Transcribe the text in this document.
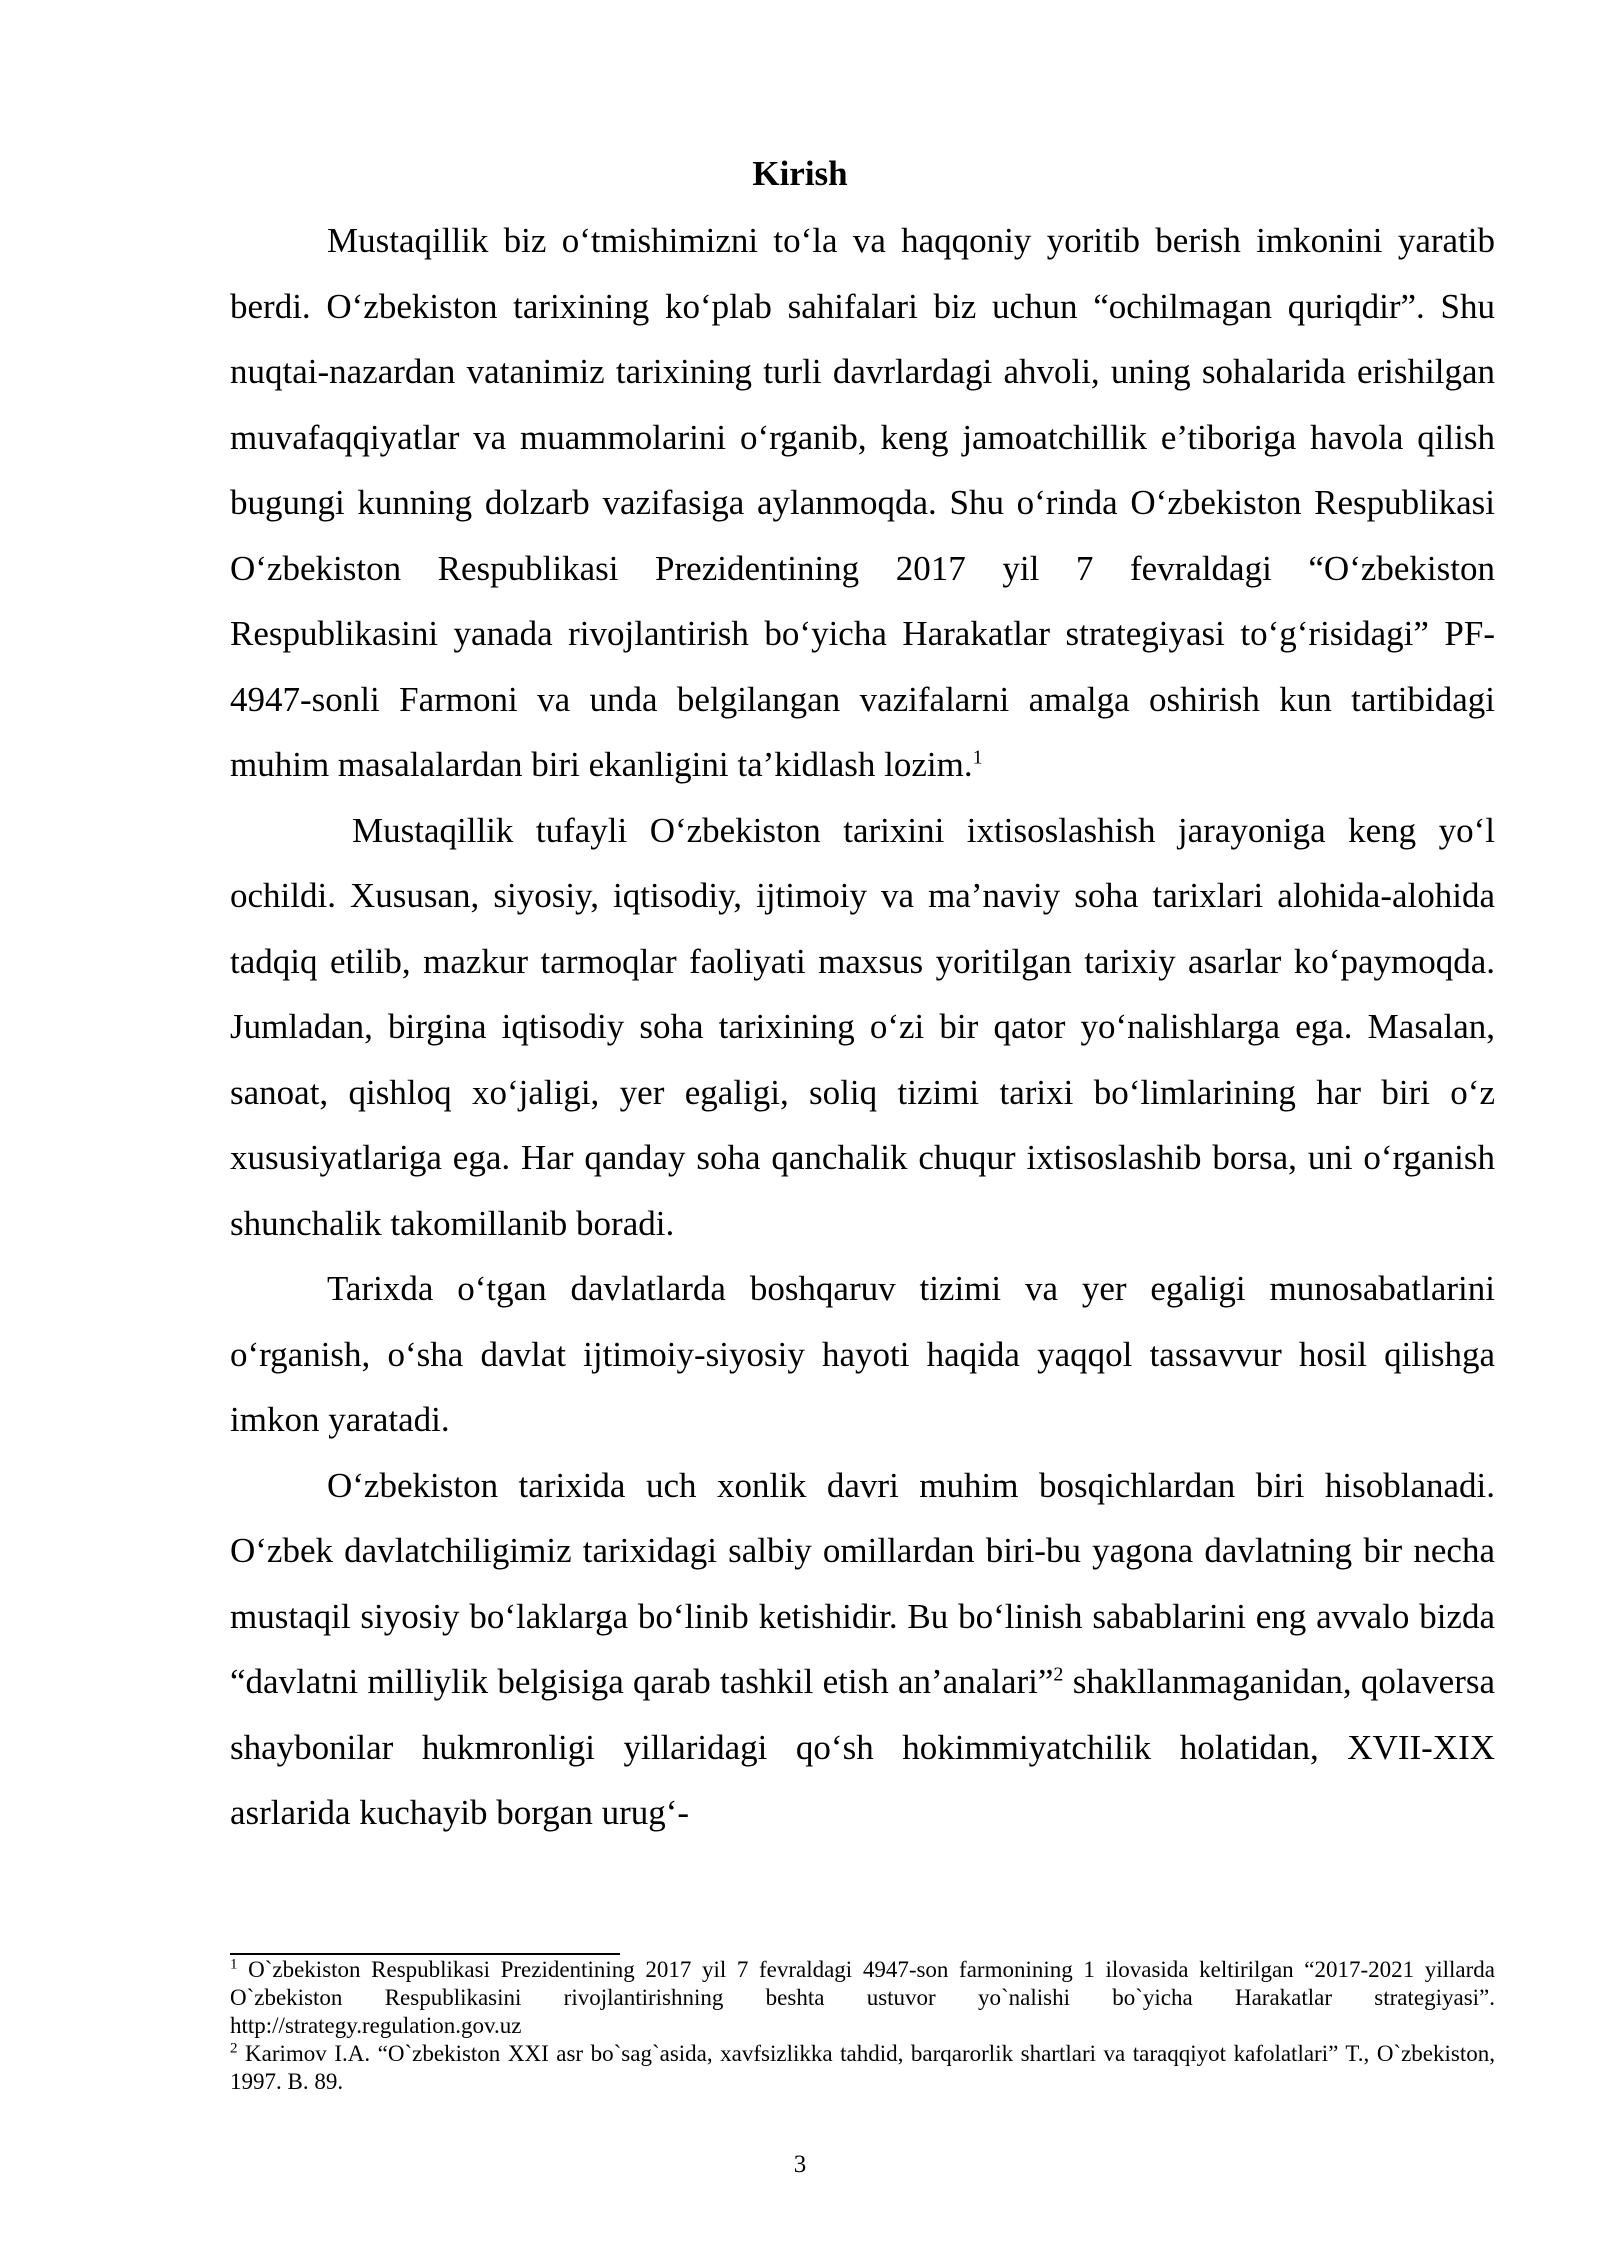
Kirish

Mustaqillik biz o‘tmishimizni to‘la va haqqoniy yoritib berish imkonini yaratib berdi. O‘zbekiston tarixining ko‘plab sahifalari biz uchun “ochilmagan quriqdir”. Shu nuqtai-nazardan vatanimiz tarixining turli davrlardagi ahvoli, uning sohalarida erishilgan muvafaqqiyatlar va muammolarini o‘rganib, keng jamoatchillik e’tiboriga havola qilish bugungi kunning dolzarb vazifasiga aylanmoqda. Shu o‘rinda O‘zbekiston Respublikasi O‘zbekiston Respublikasi Prezidentining 2017 yil 7 fevraldagi “O‘zbekiston Respublikasini yanada rivojlantirish bo‘yicha Harakatlar strategiyasi to‘g‘risidagi” PF-4947-sonli Farmoni va unda belgilangan vazifalarni amalga oshirish kun tartibidagi muhim masalalardan biri ekanligini ta’kidlash lozim.$^1$

Mustaqillik tufayli O‘zbekiston tarixini ixtisoslashish jarayoniga keng yo‘l ochildi. Xususan, siyosiy, iqtisodiy, ijtimoiy va ma’naviy soha tarixlari alohida-alohida tadqiq etilib, mazkur tarmoqlar faoliyati maxsus yoritilgan tarixiy asarlar ko‘paymoqda. Jumladan, birgina iqtisodiy soha tarixining o‘zi bir qator yo‘nalishlarga ega. Masalan, sanoat, qishloq xo‘jaligi, yer egaligi, soliq tizimi tarixi bo‘limlarining har biri o‘z xususiyatlariga ega. Har qanday soha qanchalik chuqur ixtisoslashib borsa, uni o‘rganish shunchalik takomillanib boradi.

Tarixda o‘tgan davlatlarda boshqaruv tizimi va yer egaligi munosabatlarini o‘rganish, o‘sha davlat ijtimoiy-siyosiy hayoti haqida yaqqol tassavvur hosil qilishga imkon yaratadi.

O‘zbekiston tarixida uch xonlik davri muhim bosqichlardan biri hisoblanadi. O‘zbek davlatchiligimiz tarixidagi salbiy omillardan biri-bu yagona davlatning bir necha mustaqil siyosiy bo‘laklarga bo‘linib ketishidir. Bu bo‘linish sabablarini eng avvalo bizda “davlatni milliylik belgisiga qarab tashkil etish an’analari”$^2$ shakllanmaganidan, qolaversa shaybonilar hukmronligi yillaridagi qo‘sh hokimmiyatchilik holatidan, XVII-XIX asrlarida kuchayib borgan urug‘-

$^1$ O`zbekiston Respublikasi Prezidentining 2017 yil 7 fevraldagi 4947-son farmonining 1 ilovasida keltirilgan “2017-2021 yillarda O`zbekiston Respublikasini rivojlantirishning beshta ustuvor yo`nalishi bo`yicha Harakatlar strategiyasi”. http://strategy.regulation.gov.uz

$^2$ Karimov I.A. “O`zbekiston XXI asr bo`sag`asida, xavfsizlikka tahdid, barqarorlik shartlari va taraqqiyot kafolatlari” T., O`zbekiston, 1997. B. 89.

3
